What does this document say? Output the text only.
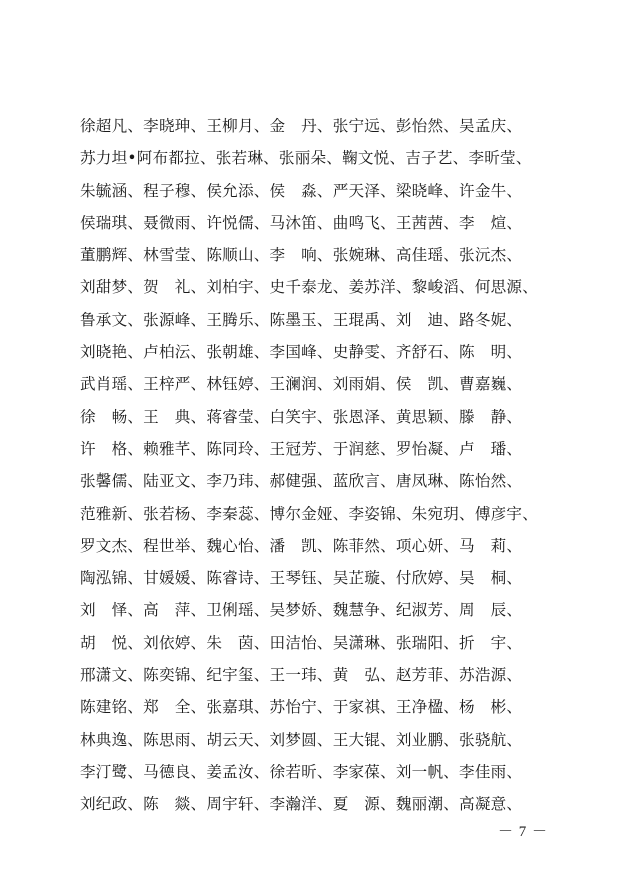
徐超凡、李晓珅、王柳月、金　丹、张宁远、彭怡然、吴孟庆、
苏力坦•阿布都拉、张若琳、张丽朵、鞠文悦、吉子艺、李昕莹、
朱毓涵、程子穆、侯允添、侯　淼、严天泽、梁晓峰、许金牛、
侯瑞琪、聂微雨、许悦儒、马沐笛、曲鸣飞、王茜茜、李　煊、
董鹏辉、林雪莹、陈顺山、李　响、张婉琳、高佳瑶、张沅杰、
刘甜梦、贺　礼、刘柏宇、史千泰龙、姜苏洋、黎峻滔、何思源、
鲁承文、张源峰、王腾乐、陈墨玉、王琨禹、刘　迪、路冬妮、
刘晓艳、卢柏沄、张朝雄、李国峰、史静雯、齐舒石、陈　明、
武肖瑶、王梓严、林钰婷、王澜润、刘雨娟、侯　凯、曹嘉巍、
徐　畅、王　典、蒋睿莹、白笑宇、张恩泽、黄思颖、滕　静、
许　格、赖雅芊、陈同玲、王冠芳、于润慈、罗怡凝、卢　璠、
张馨儒、陆亚文、李乃玮、郝健强、蓝欣言、唐凤琳、陈怡然、
范雅新、张若杨、李秦蕊、博尔金娅、李姿锦、朱宛玥、傅彦宇、
罗文杰、程世举、魏心怡、潘　凯、陈菲然、项心妍、马　莉、
陶泓锦、甘媛媛、陈睿诗、王琴钰、吴芷璇、付欣婷、吴　桐、
刘　怿、高　萍、卫俐瑶、吴梦娇、魏慧争、纪淑芳、周　辰、
胡　悦、刘依婷、朱　茵、田洁怡、吴潇琳、张瑞阳、折　宇、
邢潇文、陈奕锦、纪宇玺、王一玮、黄　弘、赵芳菲、苏浩源、
陈建铭、郑　全、张嘉琪、苏怡宁、于家祺、王净楹、杨　彬、
林典逸、陈思雨、胡云天、刘梦圆、王大锟、刘业鹏、张骁航、
李汀鹭、马德良、姜孟汝、徐若昕、李家葆、刘一帆、李佳雨、
刘纪政、陈　燚、周宇轩、李瀚洋、夏　源、魏丽潮、高凝意、
－ 7 －
